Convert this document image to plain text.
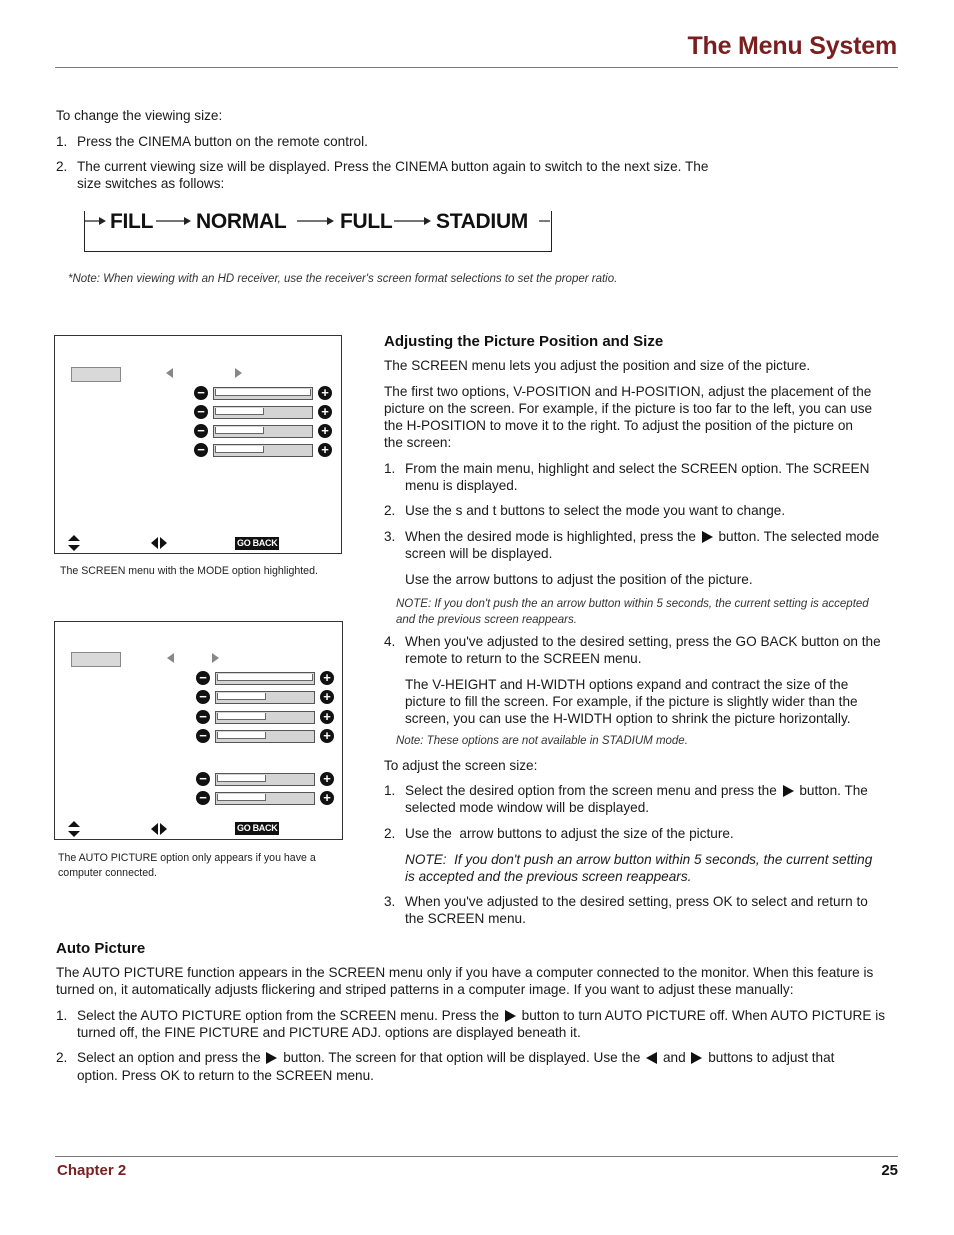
The Menu System
To change the viewing size:
1. Press the CINEMA button on the remote control.
2. The current viewing size will be displayed. Press the CINEMA button again to switch to the next size. The
size switches as follows:
FILL NORMAL	FULL STADIUM
*Note: When viewing with an HD receiver, use the receiver's screen format selections to set the proper ratio.
−	+
−	+
−	+
−	+
GO BACK
The SCREEN menu with the MODE option highlighted.
−	+
−	+
−	+
−	+
−	+
−	+
GO BACK
The AUTO PICTURE option only appears if you have a
computer connected.
Adjusting the Picture Position and Size
The SCREEN menu lets you adjust the position and size of the picture.
The first two options, V-POSITION and H-POSITION, adjust the placement of the
picture on the screen. For example, if the picture is too far to the left, you can use
the H-POSITION to move it to the right. To adjust the position of the picture on
the screen:
1. From the main menu, highlight and select the SCREEN option. The SCREEN
menu is displayed.
2. Use the s and t buttons to select the mode you want to change.
3. When the desired mode is highlighted, press the button. The selected mode
screen will be displayed.
Use the arrow buttons to adjust the position of the picture.
NOTE: If you don't push the an arrow button within 5 seconds, the current setting is accepted
and the previous screen reappears.
4. When you've adjusted to the desired setting, press the GO BACK button on the
remote to return to the SCREEN menu.
The V-HEIGHT and H-WIDTH options expand and contract the size of the
picture to fill the screen. For example, if the picture is slightly wider than the
screen, you can use the H-WIDTH option to shrink the picture horizontally.
Note: These options are not available in STADIUM mode.
To adjust the screen size:
1. Select the desired option from the screen menu and press the button. The
selected mode window will be displayed.
2. Use the  arrow buttons to adjust the size of the picture.
NOTE:  If you don't push an arrow button within 5 seconds, the current setting
is accepted and the previous screen reappears.
3. When you've adjusted to the desired setting, press OK to select and return to
the SCREEN menu.
Auto Picture
The AUTO PICTURE function appears in the SCREEN menu only if you have a computer connected to the monitor. When this feature is
turned on, it automatically adjusts flickering and striped patterns in a computer image. If you want to adjust these manually:
1. Select the AUTO PICTURE option from the SCREEN menu. Press the button to turn AUTO PICTURE off. When AUTO PICTURE is
turned off, the FINE PICTURE and PICTURE ADJ. options are displayed beneath it.
2. Select an option and press the button. The screen for that option will be displayed. Use the and buttons to adjust that
option. Press OK to return to the SCREEN menu.
Chapter 2	25
